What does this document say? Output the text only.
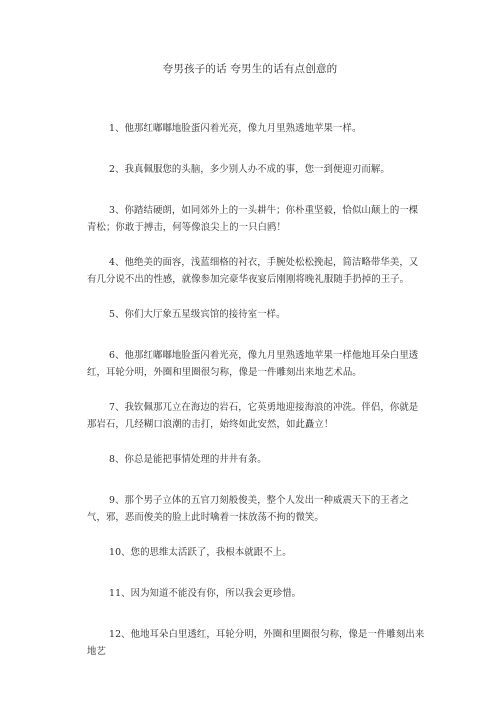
夸男孩子的话 夸男生的话有点创意的

1、他那红嘟嘟地脸蛋闪着光亮，像九月里熟透地苹果一样。

2、我真佩服您的头脑，多少别人办不成的事，您一到便迎刃而解。

3、你踏结硬朗，如同郊外上的一头耕牛；你朴重坚毅，恰似山颠上的一棵青松；你敢于搏击，何等像浪尖上的一只白鸥！

4、他绝美的面容，浅蓝细格的衬衣，手腕处松松挽起，简洁略带华美，又有几分说不出的性感，就像参加完豪华夜宴后刚刚将晚礼服随手扔掉的王子。

5、你们大厅象五星级宾馆的接待室一样。

6、他那红嘟嘟地脸蛋闪着光亮，像九月里熟透地苹果一样他地耳朵白里透红，耳轮分明，外圈和里圈很匀称，像是一件雕刻出来地艺术品。

7、我钦佩那兀立在海边的岩石，它英勇地迎接海浪的冲洗。伴侣，你就是那岩石，几经糊口浪潮的击打，始终如此安然，如此矗立！

8、你总是能把事情处理的井井有条。

9、那个男子立体的五官刀刻般俊美，整个人发出一种威震天下的王者之气，邪，恶而俊美的脸上此时噙着一抹放荡不拘的微笑。

10、您的思维太活跃了，我根本就跟不上。

11、因为知道不能没有你，所以我会更珍惜。

12、他地耳朵白里透红，耳轮分明，外圈和里圈很匀称，像是一件雕刻出来地艺
